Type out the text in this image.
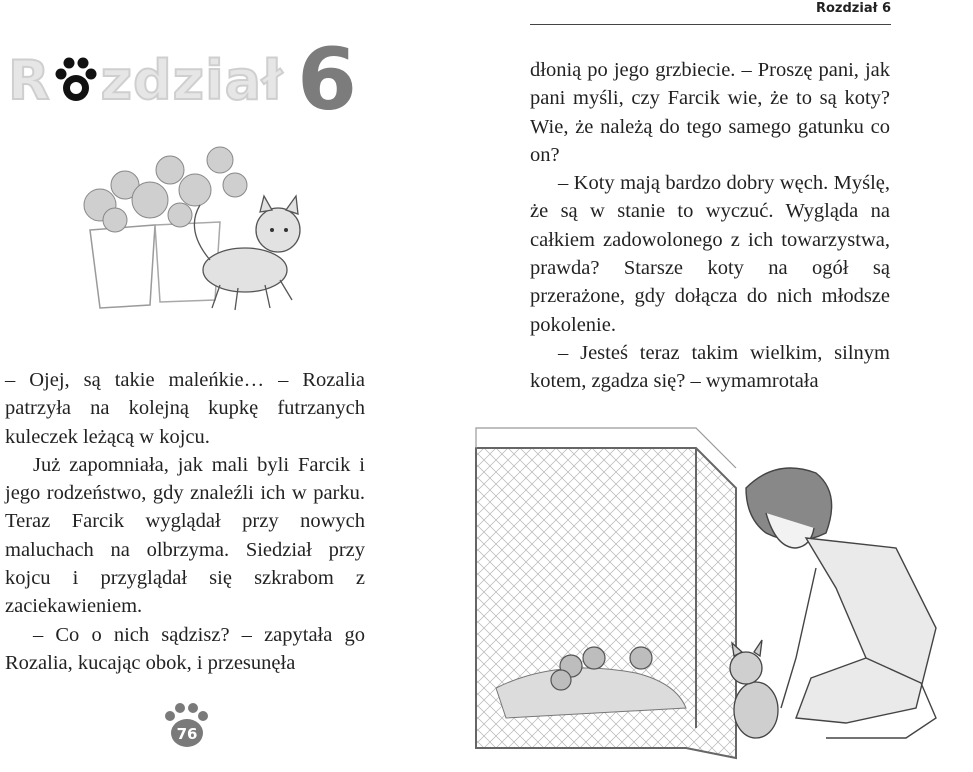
R zdział 6

– Ojej, są takie maleńkie… – Rozalia patrzyła na kolejną kupkę futrzanych kuleczek leżącą w kojcu.

Już zapomniała, jak mali byli Farcik i jego rodzeństwo, gdy znaleźli ich w parku. Teraz Farcik wyglądał przy nowych maluchach na olbrzyma. Siedział przy kojcu i przyglądał się szkrabom z zaciekawieniem.

– Co o nich sądzisz? – zapytała go Rozalia, kucając obok, i przesunęła

76
Rozdział 6

dłonią po jego grzbiecie. – Proszę pani, jak pani myśli, czy Farcik wie, że to są koty? Wie, że należą do tego samego gatunku co on?

– Koty mają bardzo dobry węch. Myślę, że są w stanie to wyczuć. Wygląda na całkiem zadowolonego z ich towarzystwa, prawda? Starsze koty na ogół są przerażone, gdy dołącza do nich młodsze pokolenie.

– Jesteś teraz takim wielkim, silnym kotem, zgadza się? – wymamrotała
